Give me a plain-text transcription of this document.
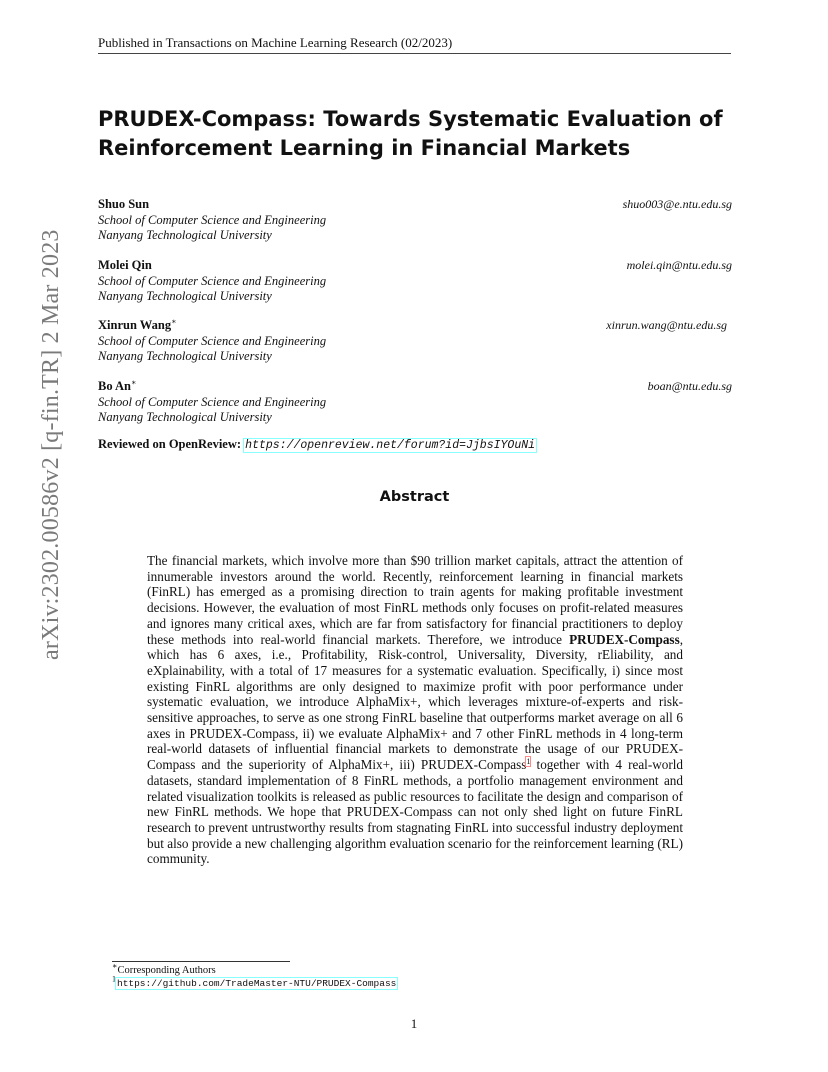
Published in Transactions on Machine Learning Research (02/2023)
arXiv:2302.00586v2 [q-fin.TR] 2 Mar 2023
PRUDEX-Compass: Towards Systematic Evaluation of
Reinforcement Learning in Financial Markets
Shuo Sun
School of Computer Science and Engineering
Nanyang Technological University
shuo003@e.ntu.edu.sg
Molei Qin
School of Computer Science and Engineering
Nanyang Technological University
molei.qin@ntu.edu.sg
Xinrun Wang∗
School of Computer Science and Engineering
Nanyang Technological University
xinrun.wang@ntu.edu.sg
Bo An∗
School of Computer Science and Engineering
Nanyang Technological University
boan@ntu.edu.sg
Reviewed on OpenReview: https://openreview.net/forum?id=JjbsIYOuNi
Abstract
The financial markets, which involve more than $90 trillion market capitals, attract the attention of innumerable investors around the world. Recently, reinforcement learning in financial markets (FinRL) has emerged as a promising direction to train agents for making profitable investment decisions. However, the evaluation of most FinRL methods only focuses on profit-related measures and ignores many critical axes, which are far from satisfactory for financial practitioners to deploy these methods into real-world financial markets. Therefore, we introduce PRUDEX-Compass, which has 6 axes, i.e., Profitability, Risk-control, Universality, Diversity, rEliability, and eXplainability, with a total of 17 measures for a systematic evaluation. Specifically, i) since most existing FinRL algorithms are only designed to maximize profit with poor performance under systematic evaluation, we introduce AlphaMix+, which leverages mixture-of-experts and risk-sensitive approaches, to serve as one strong FinRL baseline that outperforms market average on all 6 axes in PRUDEX-Compass, ii) we evaluate AlphaMix+ and 7 other FinRL methods in 4 long-term real-world datasets of influential financial markets to demonstrate the usage of our PRUDEX-Compass and the superiority of AlphaMix+, iii) PRUDEX-Compass$^1$ together with 4 real-world datasets, standard implementation of 8 FinRL methods, a portfolio management environment and related visualization toolkits is released as public resources to facilitate the design and comparison of new FinRL methods. We hope that PRUDEX-Compass can not only shed light on future FinRL research to prevent untrustworthy results from stagnating FinRL into successful industry deployment but also provide a new challenging algorithm evaluation scenario for the reinforcement learning (RL) community.
∗Corresponding Authors
$^1$https://github.com/TradeMaster-NTU/PRUDEX-Compass
1
